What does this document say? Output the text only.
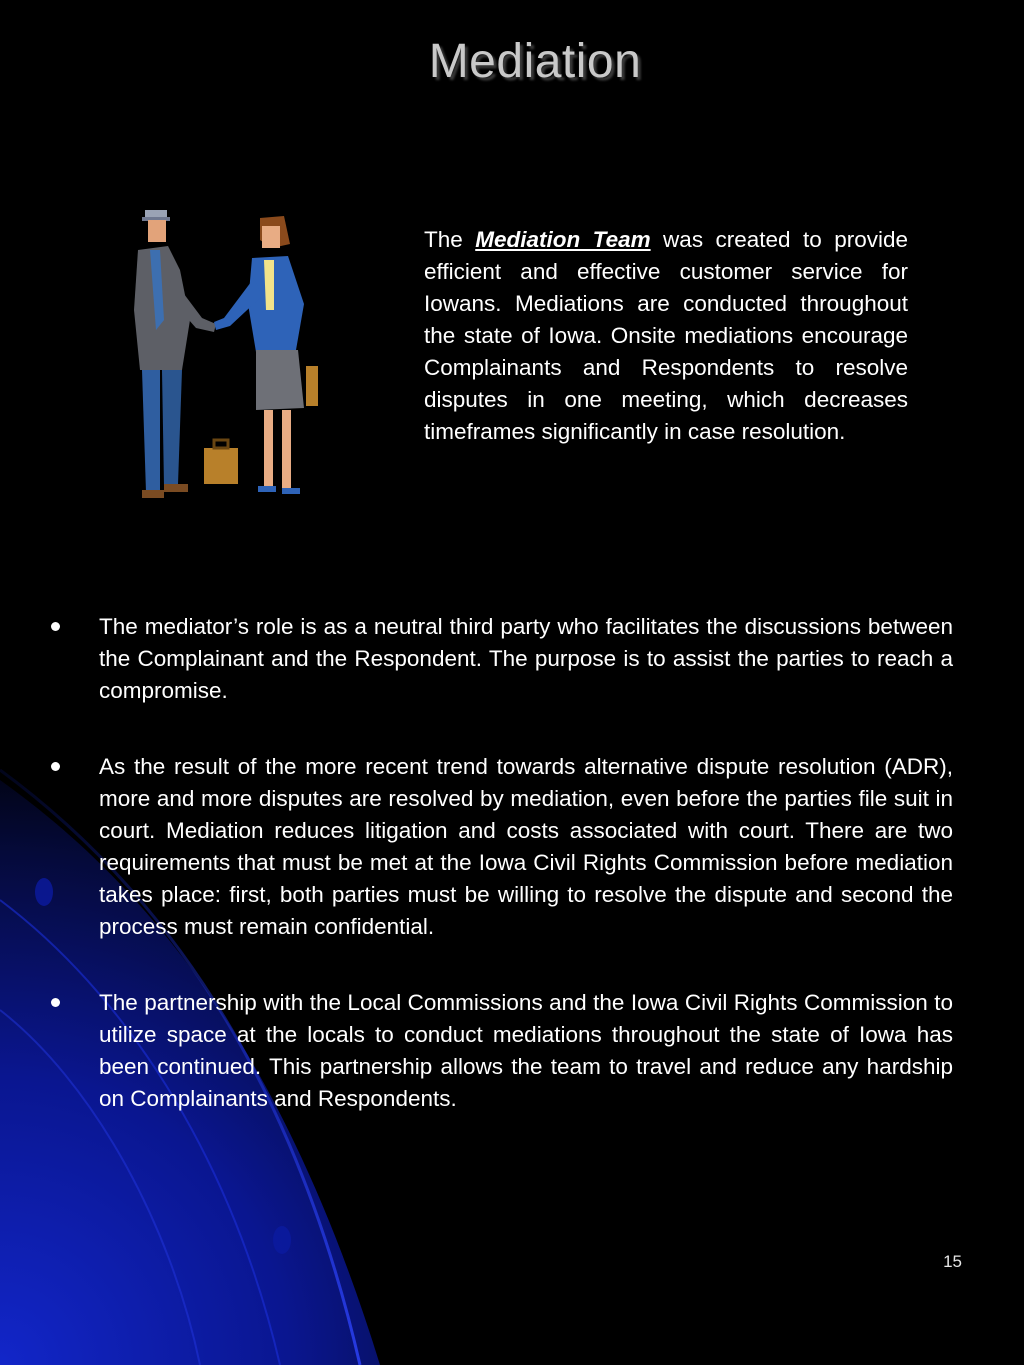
Mediation
The Mediation Team was created to provide efficient and effective customer service for Iowans. Mediations are conducted throughout the state of Iowa. Onsite mediations encourage Complainants and Respondents to resolve disputes in one meeting, which decreases timeframes significantly in case resolution.
The mediator’s role is as a neutral third party who facilitates the discussions between the Complainant and the Respondent. The purpose is to assist the parties to reach a compromise.
As the result of the more recent trend towards alternative dispute resolution (ADR), more and more disputes are resolved by mediation, even before the parties file suit in court. Mediation reduces litigation and costs associated with court. There are two requirements that must be met at the Iowa Civil Rights Commission before mediation takes place: first, both parties must be willing to resolve the dispute and second the process must remain confidential.
The partnership with the Local Commissions and the Iowa Civil Rights Commission to utilize space at the locals to conduct mediations throughout the state of Iowa has been continued. This partnership allows the team to travel and reduce any hardship on Complainants and Respondents.
15
